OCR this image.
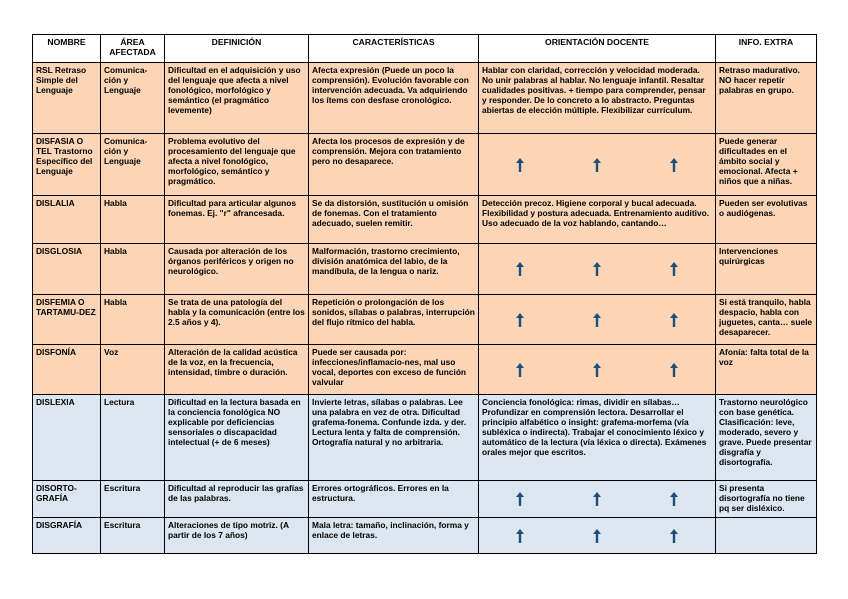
NOMBRE	ÁREA AFECTADA	DEFINICIÓN	CARACTERÍSTICAS	ORIENTACIÓN DOCENTE	INFO. EXTRA
RSL Retraso Simple del Lenguaje	Comunica-ción y Lenguaje	Dificultad en el adquisición y uso del lenguaje que afecta a nivel fonológico, morfológico y semántico (el pragmático levemente)	Afecta expresión (Puede un poco la comprensión). Evolución favorable con intervención adecuada. Va adquiriendo los ítems con desfase cronológico.	Hablar con claridad, corrección y velocidad moderada. No unir palabras al hablar. No lenguaje infantil. Resaltar cualidades positivas. + tiempo para comprender, pensar y responder. De lo concreto a lo abstracto. Preguntas abiertas de elección múltiple. Flexibilizar currículum.	Retraso madurativo. NO hacer repetir palabras en grupo.
DISFASIA O TEL Trastorno Específico del Lenguaje	Comunica-ción y Lenguaje	Problema evolutivo del procesamiento del lenguaje que afecta a nivel fonológico, morfológico, semántico y pragmático.	Afecta los procesos de expresión y de comprensión. Mejora con tratamiento pero no desaparece.		Puede generar dificultades en el ámbito social y emocional. Afecta + niños que a niñas.
DISLALIA	Habla	Dificultad para articular algunos fonemas. Ej. "r" afrancesada.	Se da distorsión, sustitución u omisión de fonemas. Con el tratamiento adecuado, suelen remitir.	Detección precoz. Higiene corporal y bucal adecuada. Flexibilidad y postura adecuada. Entrenamiento auditivo. Uso adecuado de la voz hablando, cantando…	Pueden ser evolutivas o audiógenas.
DISGLOSIA	Habla	Causada por alteración de los órganos periféricos y origen no neurológico.	Malformación, trastorno crecimiento, división anatómica del labio, de la mandíbula, de la lengua o nariz.		Intervenciones quirúrgicas
DISFEMIA O TARTAMU-DEZ	Habla	Se trata de una patología del habla y la comunicación (entre los 2.5 años y 4).	Repetición o prolongación de los sonidos, sílabas o palabras, interrupción del flujo rítmico del habla.		Si está tranquilo, habla despacio, habla con juguetes, canta… suele desaparecer.
DISFONÍA	Voz	Alteración de la calidad acústica de la voz, en la frecuencia, intensidad, timbre o duración.	Puede ser causada por: infecciones/inflamacio-nes, mal uso vocal, deportes con exceso de función valvular		Afonía: falta total de la voz
DISLEXIA	Lectura	Dificultad en la lectura basada en la conciencia fonológica NO explicable por deficiencias sensoriales o discapacidad intelectual (+ de 6 meses)	Invierte letras, sílabas o palabras. Lee una palabra en vez de otra. Dificultad grafema-fonema. Confunde izda. y der. Lectura lenta y falta de comprensión. Ortografía natural y no arbitraria.	Conciencia fonológica: rimas, dividir en sílabas… Profundizar en comprensión lectora. Desarrollar el principio alfabético o insight: grafema-morfema (vía subléxica o indirecta). Trabajar el conocimiento léxico y automático de la lectura (vía léxica o directa). Exámenes orales mejor que escritos.	Trastorno neurológico con base genética. Clasificación: leve, moderado, severo y grave. Puede presentar disgrafía y disortografía.
DISORTO-GRAFÍA	Escritura	Dificultad al reproducir las grafías de las palabras.	Errores ortográficos. Errores en la estructura.		Si presenta disortografía no tiene pq ser disléxico.
DISGRAFÍA	Escritura	Alteraciones de tipo motriz. (A partir de los 7 años)	Mala letra: tamaño, inclinación, forma y enlace de letras.	
